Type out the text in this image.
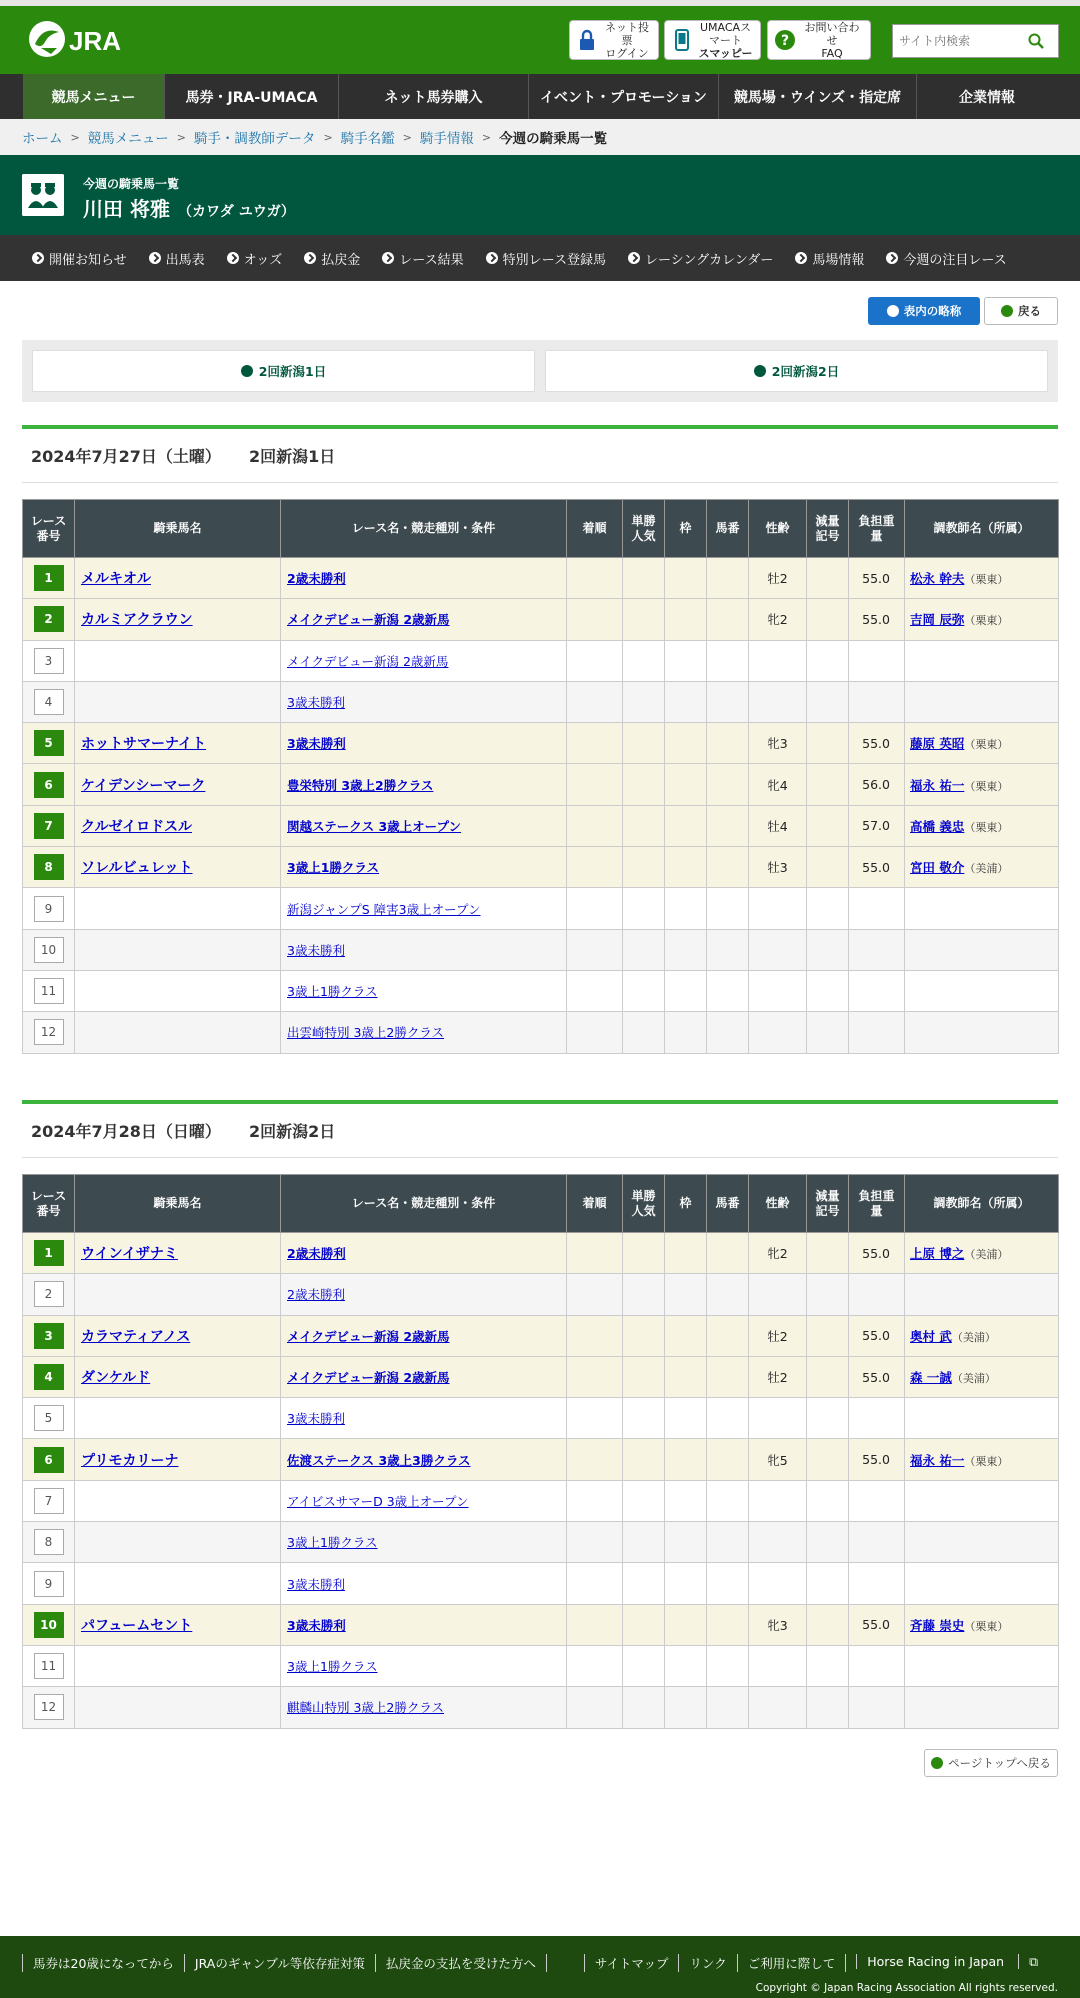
JRA	ネット投票
ログイン
UMACAスマート
スマッピー
?
お問い合わせ
FAQ
サイト内検索
競馬メニュー	馬券・JRA-UMACA	ネット馬券購入	イベント・プロモーション	競馬場・ウインズ・指定席	企業情報
ホーム > 競馬メニュー > 騎手・調教師データ > 騎手名鑑 > 騎手情報 > 今週の騎乗馬一覧
今週の騎乗馬一覧
川田 将雅 （カワダ ユウガ）
開催お知らせ	出馬表	オッズ	払戻金	レース結果	特別レース登録馬	レーシングカレンダー	馬場情報	今週の注目レース
表内の略称	戻る
2回新潟1日	2回新潟2日
2024年7月27日（土曜） 2回新潟1日
レース番号	騎乗馬名	レース名・競走種別・条件	着順	単勝人気	枠	馬番	性齢	減量記号	負担重量	調教師名（所属）

1	メルキオル	2歳未勝利					牡2		55.0	松永 幹夫（栗東）

2	カルミアクラウン	メイクデビュー新潟 2歳新馬					牝2		55.0	吉岡 辰弥（栗東）

3		メイクデビュー新潟 2歳新馬								

4		3歳未勝利								

5	ホットサマーナイト	3歳未勝利					牝3		55.0	藤原 英昭（栗東）

6	ケイデンシーマーク	豊栄特別 3歳上2勝クラス					牝4		56.0	福永 祐一（栗東）

7	クルゼイロドスル	関越ステークス 3歳上オープン					牡4		57.0	高橋 義忠（栗東）

8	ソレルビュレット	3歳上1勝クラス					牡3		55.0	宮田 敬介（美浦）

9		新潟ジャンプS 障害3歳上オープン								

10		3歳未勝利								

11		3歳上1勝クラス								

12		出雲崎特別 3歳上2勝クラス								
2024年7月28日（日曜） 2回新潟2日
レース番号	騎乗馬名	レース名・競走種別・条件	着順	単勝人気	枠	馬番	性齢	減量記号	負担重量	調教師名（所属）

1	ウインイザナミ	2歳未勝利					牝2		55.0	上原 博之（美浦）

2		2歳未勝利								

3	カラマティアノス	メイクデビュー新潟 2歳新馬					牡2		55.0	奥村 武（美浦）

4	ダンケルド	メイクデビュー新潟 2歳新馬					牡2		55.0	森 一誠（美浦）

5		3歳未勝利								

6	プリモカリーナ	佐渡ステークス 3歳上3勝クラス					牝5		55.0	福永 祐一（栗東）

7		アイビスサマーD 3歳上オープン								

8		3歳上1勝クラス								

9		3歳未勝利								

10	パフュームセント	3歳未勝利					牝3		55.0	斉藤 崇史（栗東）

11		3歳上1勝クラス								

12		麒麟山特別 3歳上2勝クラス								
ページトップへ戻る
馬券は20歳になってから	JRAのギャンブル等依存症対策	払戻金の支払を受けた方へ	サイトマップ	リンク	ご利用に際して	Horse Racing in Japan ⧉
Copyright © Japan Racing Association All rights reserved.
